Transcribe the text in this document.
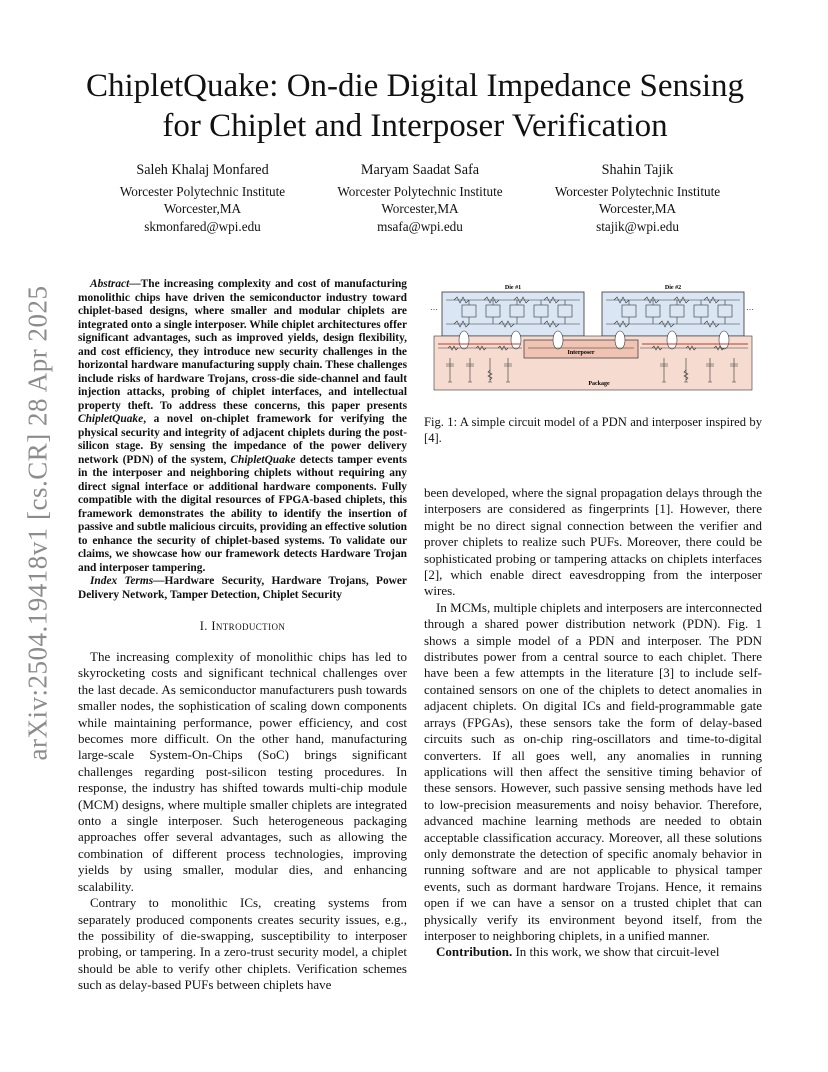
arXiv:2504.19418v1 [cs.CR] 28 Apr 2025
ChipletQuake: On-die Digital Impedance Sensing
for Chiplet and Interposer Verification
Saleh Khalaj Monfared
Worcester Polytechnic Institute
Worcester,MA
skmonfared@wpi.edu
Maryam Saadat Safa
Worcester Polytechnic Institute
Worcester,MA
msafa@wpi.edu
Shahin Tajik
Worcester Polytechnic Institute
Worcester,MA
stajik@wpi.edu

Abstract—The increasing complexity and cost of manufacturing monolithic chips have driven the semiconductor industry toward chiplet-based designs, where smaller and modular chiplets are integrated onto a single interposer. While chiplet architectures offer significant advantages, such as improved yields, design flexibility, and cost efficiency, they introduce new security challenges in the horizontal hardware manufacturing supply chain. These challenges include risks of hardware Trojans, cross-die side-channel and fault injection attacks, probing of chiplet interfaces, and intellectual property theft. To address these concerns, this paper presents ChipletQuake, a novel on-chiplet framework for verifying the physical security and integrity of adjacent chiplets during the post-silicon stage. By sensing the impedance of the power delivery network (PDN) of the system, ChipletQuake detects tamper events in the interposer and neighboring chiplets without requiring any direct signal interface or additional hardware components. Fully compatible with the digital resources of FPGA-based chiplets, this framework demonstrates the ability to identify the insertion of passive and subtle malicious circuits, providing an effective solution to enhance the security of chiplet-based systems. To validate our claims, we showcase how our framework detects Hardware Trojan and interposer tampering.

Index Terms—Hardware Security, Hardware Trojans, Power Delivery Network, Tamper Detection, Chiplet Security

I. Introduction

The increasing complexity of monolithic chips has led to skyrocketing costs and significant technical challenges over the last decade. As semiconductor manufacturers push towards smaller nodes, the sophistication of scaling down components while maintaining performance, power efficiency, and cost becomes more difficult. On the other hand, manufacturing large-scale System-On-Chips (SoC) brings significant challenges regarding post-silicon testing procedures. In response, the industry has shifted towards multi-chip module (MCM) designs, where multiple smaller chiplets are integrated onto a single interposer. Such heterogeneous packaging approaches offer several advantages, such as allowing the combination of different process technologies, improving yields by using smaller, modular dies, and enhancing scalability.

Contrary to monolithic ICs, creating systems from separately produced components creates security issues, e.g., the possibility of die-swapping, susceptibility to interposer probing, or tampering. In a zero-trust security model, a chiplet should be able to verify other chiplets. Verification schemes such as delay-based PUFs between chiplets have

Die #1	Die #2
⋯	⋯
Interposer
Package

Fig. 1: A simple circuit model of a PDN and interposer inspired by [4].

been developed, where the signal propagation delays through the interposers are considered as fingerprints [1]. However, there might be no direct signal connection between the verifier and prover chiplets to realize such PUFs. Moreover, there could be sophisticated probing or tampering attacks on chiplets interfaces [2], which enable direct eavesdropping from the interposer wires.

In MCMs, multiple chiplets and interposers are interconnected through a shared power distribution network (PDN). Fig. 1 shows a simple model of a PDN and interposer. The PDN distributes power from a central source to each chiplet. There have been a few attempts in the literature [3] to include self-contained sensors on one of the chiplets to detect anomalies in adjacent chiplets. On digital ICs and field-programmable gate arrays (FPGAs), these sensors take the form of delay-based circuits such as on-chip ring-oscillators and time-to-digital converters. If all goes well, any anomalies in running applications will then affect the sensitive timing behavior of these sensors. However, such passive sensing methods have led to low-precision measurements and noisy behavior. Therefore, advanced machine learning methods are needed to obtain acceptable classification accuracy. Moreover, all these solutions only demonstrate the detection of specific anomaly behavior in running software and are not applicable to physical tamper events, such as dormant hardware Trojans. Hence, it remains open if we can have a sensor on a trusted chiplet that can physically verify its environment beyond itself, from the interposer to neighboring chiplets, in a unified manner.

Contribution. In this work, we show that circuit-level
